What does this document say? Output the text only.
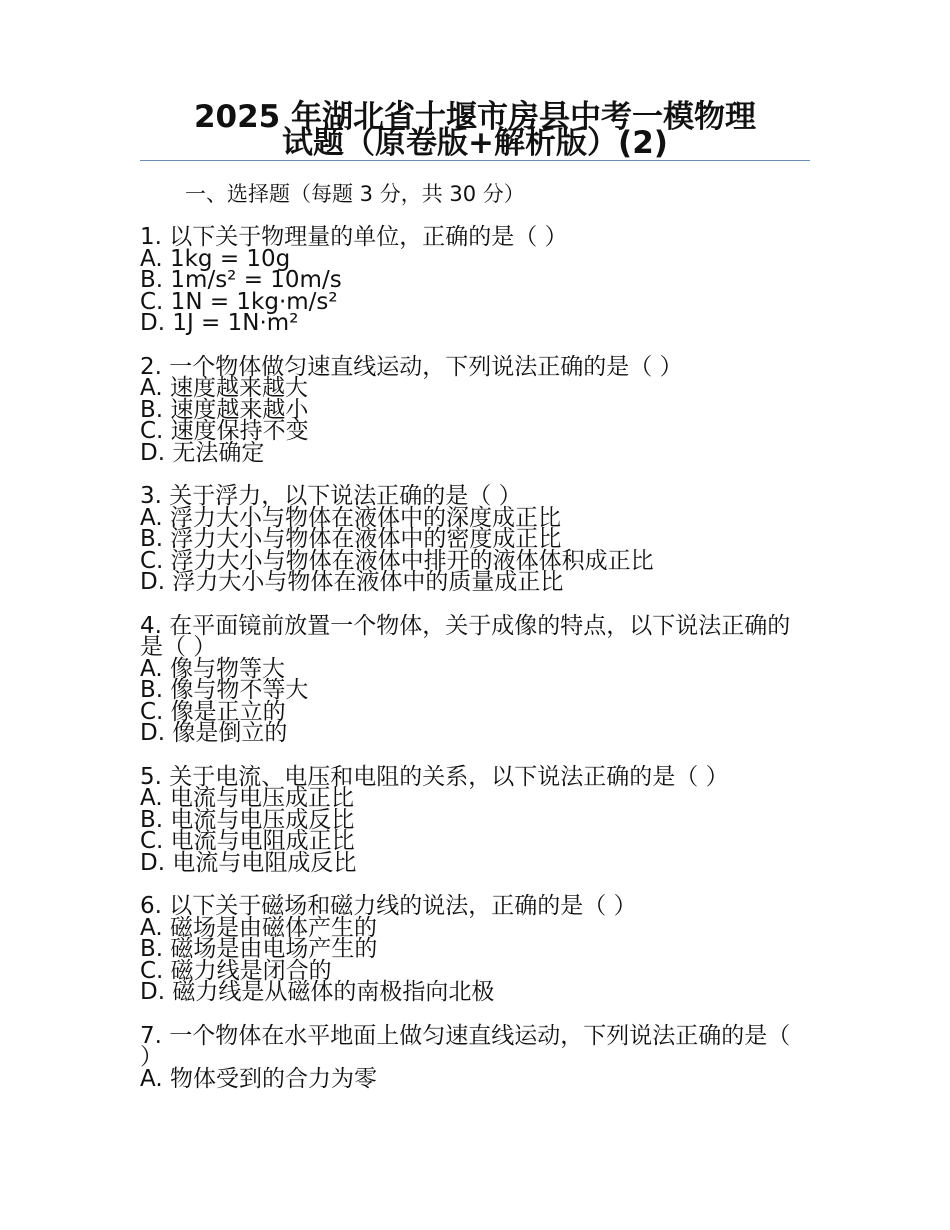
2025 年湖北省十堰市房县中考一模物理
试题（原卷版+解析版）(2)

一、选择题（每题 3 分，共 30 分）

1. 以下关于物理量的单位，正确的是（ ）
A. 1kg = 10g
B. 1m/s² = 10m/s
C. 1N = 1kg·m/s²
D. 1J = 1N·m²
2. 一个物体做匀速直线运动，下列说法正确的是（ ）
A. 速度越来越大
B. 速度越来越小
C. 速度保持不变
D. 无法确定
3. 关于浮力，以下说法正确的是（ ）
A. 浮力大小与物体在液体中的深度成正比
B. 浮力大小与物体在液体中的密度成正比
C. 浮力大小与物体在液体中排开的液体体积成正比
D. 浮力大小与物体在液体中的质量成正比
4. 在平面镜前放置一个物体，关于成像的特点，以下说法正确的是（ ）
A. 像与物等大
B. 像与物不等大
C. 像是正立的
D. 像是倒立的
5. 关于电流、电压和电阻的关系，以下说法正确的是（ ）
A. 电流与电压成正比
B. 电流与电压成反比
C. 电流与电阻成正比
D. 电流与电阻成反比
6. 以下关于磁场和磁力线的说法，正确的是（ ）
A. 磁场是由磁体产生的
B. 磁场是由电场产生的
C. 磁力线是闭合的
D. 磁力线是从磁体的南极指向北极
7. 一个物体在水平地面上做匀速直线运动，下列说法正确的是（ ）
A. 物体受到的合力为零
